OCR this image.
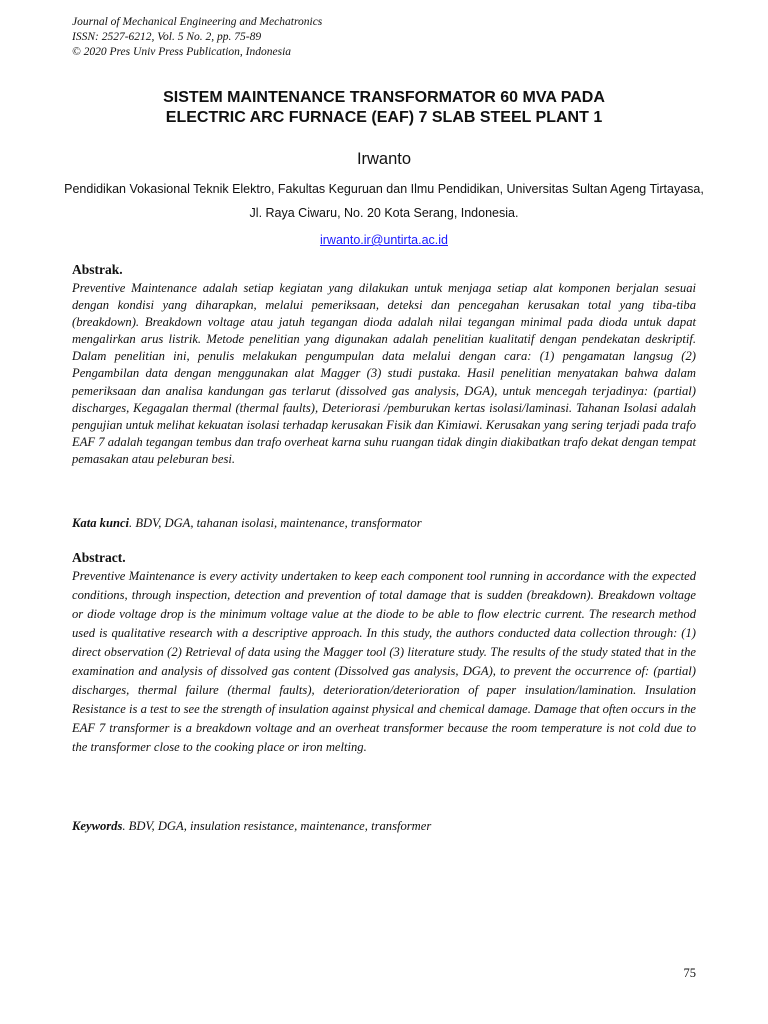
Journal of Mechanical Engineering and Mechatronics
ISSN: 2527-6212, Vol. 5 No. 2, pp. 75-89
© 2020 Pres Univ Press Publication, Indonesia
SISTEM MAINTENANCE TRANSFORMATOR 60 MVA PADA
ELECTRIC ARC FURNACE (EAF) 7 SLAB STEEL PLANT 1
Irwanto
Pendidikan Vokasional Teknik Elektro, Fakultas Keguruan dan Ilmu Pendidikan, Universitas Sultan Ageng Tirtayasa, Jl. Raya Ciwaru, No. 20 Kota Serang, Indonesia.
irwanto.ir@untirta.ac.id
Abstrak.
Preventive Maintenance adalah setiap kegiatan yang dilakukan untuk menjaga setiap alat komponen berjalan sesuai dengan kondisi yang diharapkan, melalui pemeriksaan, deteksi dan pencegahan kerusakan total yang tiba-tiba (breakdown). Breakdown voltage atau jatuh tegangan dioda adalah nilai tegangan minimal pada dioda untuk dapat mengalirkan arus listrik. Metode penelitian yang digunakan adalah penelitian kualitatif dengan pendekatan deskriptif. Dalam penelitian ini, penulis melakukan pengumpulan data melalui dengan cara: (1) pengamatan langsug (2) Pengambilan data dengan menggunakan alat Magger (3) studi pustaka. Hasil penelitian menyatakan bahwa dalam pemeriksaan dan analisa kandungan gas terlarut (dissolved gas analysis, DGA), untuk mencegah terjadinya: (partial) discharges, Kegagalan thermal (thermal faults), Deteriorasi /pemburukan kertas isolasi/laminasi. Tahanan Isolasi adalah pengujian untuk melihat kekuatan isolasi terhadap kerusakan Fisik dan Kimiawi. Kerusakan yang sering terjadi pada trafo EAF 7 adalah tegangan tembus dan trafo overheat karna suhu ruangan tidak dingin diakibatkan trafo dekat dengan tempat pemasakan atau peleburan besi.
Kata kunci. BDV, DGA, tahanan isolasi, maintenance, transformator
Abstract.
Preventive Maintenance is every activity undertaken to keep each component tool running in accordance with the expected conditions, through inspection, detection and prevention of total damage that is sudden (breakdown). Breakdown voltage or diode voltage drop is the minimum voltage value at the diode to be able to flow electric current. The research method used is qualitative research with a descriptive approach. In this study, the authors conducted data collection through: (1) direct observation (2) Retrieval of data using the Magger tool (3) literature study. The results of the study stated that in the examination and analysis of dissolved gas content (Dissolved gas analysis, DGA), to prevent the occurrence of: (partial) discharges, thermal failure (thermal faults), deterioration/deterioration of paper insulation/lamination. Insulation Resistance is a test to see the strength of insulation against physical and chemical damage. Damage that often occurs in the EAF 7 transformer is a breakdown voltage and an overheat transformer because the room temperature is not cold due to the transformer close to the cooking place or iron melting.
Keywords. BDV, DGA, insulation resistance, maintenance, transformer
75
